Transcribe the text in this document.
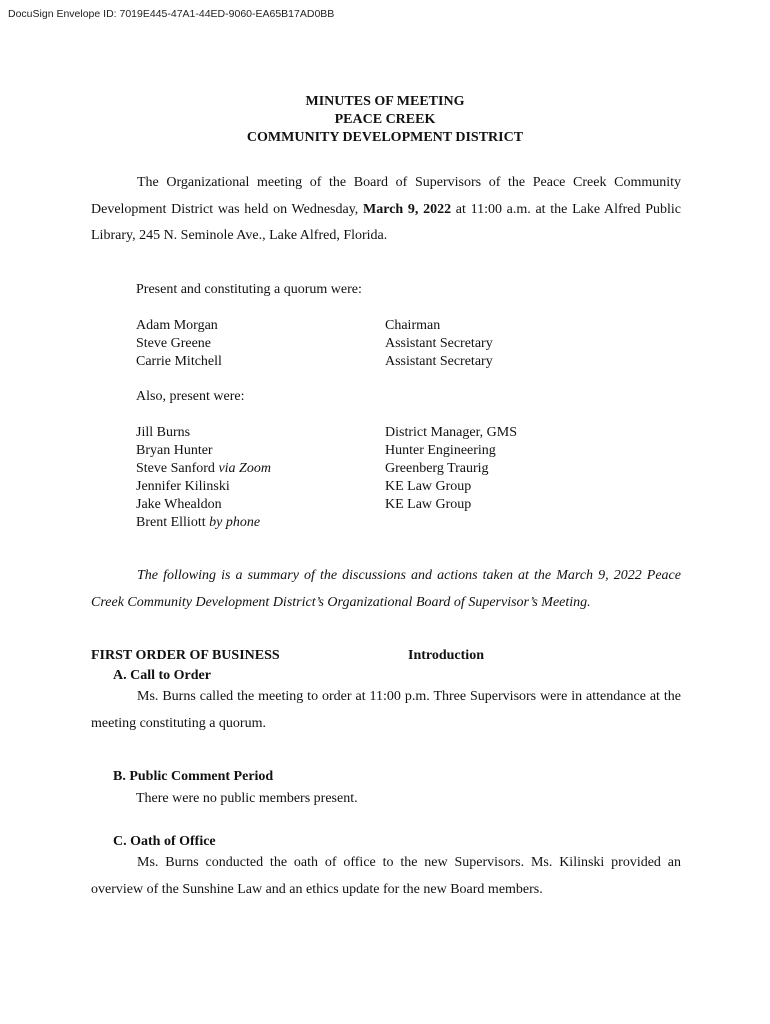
DocuSign Envelope ID: 7019E445-47A1-44ED-9060-EA65B17AD0BB
MINUTES OF MEETING
PEACE CREEK
COMMUNITY DEVELOPMENT DISTRICT

The Organizational meeting of the Board of Supervisors of the Peace Creek Community Development District was held on Wednesday, March 9, 2022 at 11:00 a.m. at the Lake Alfred Public Library, 245 N. Seminole Ave., Lake Alfred, Florida.

Present and constituting a quorum were:
Adam Morgan	Chairman
Steve Greene	Assistant Secretary
Carrie Mitchell	Assistant Secretary
Also, present were:
Jill Burns	District Manager, GMS
Bryan Hunter	Hunter Engineering
Steve Sanford via Zoom	Greenberg Traurig
Jennifer Kilinski	KE Law Group
Jake Whealdon	KE Law Group
Brent Elliott by phone

The following is a summary of the discussions and actions taken at the March 9, 2022 Peace Creek Community Development District’s Organizational Board of Supervisor’s Meeting.

FIRST ORDER OF BUSINESS	Introduction
A. Call to Order

Ms. Burns called the meeting to order at 11:00 p.m. Three Supervisors were in attendance at the meeting constituting a quorum.

B. Public Comment Period
There were no public members present.
C. Oath of Office

Ms. Burns conducted the oath of office to the new Supervisors. Ms. Kilinski provided an overview of the Sunshine Law and an ethics update for the new Board members.
